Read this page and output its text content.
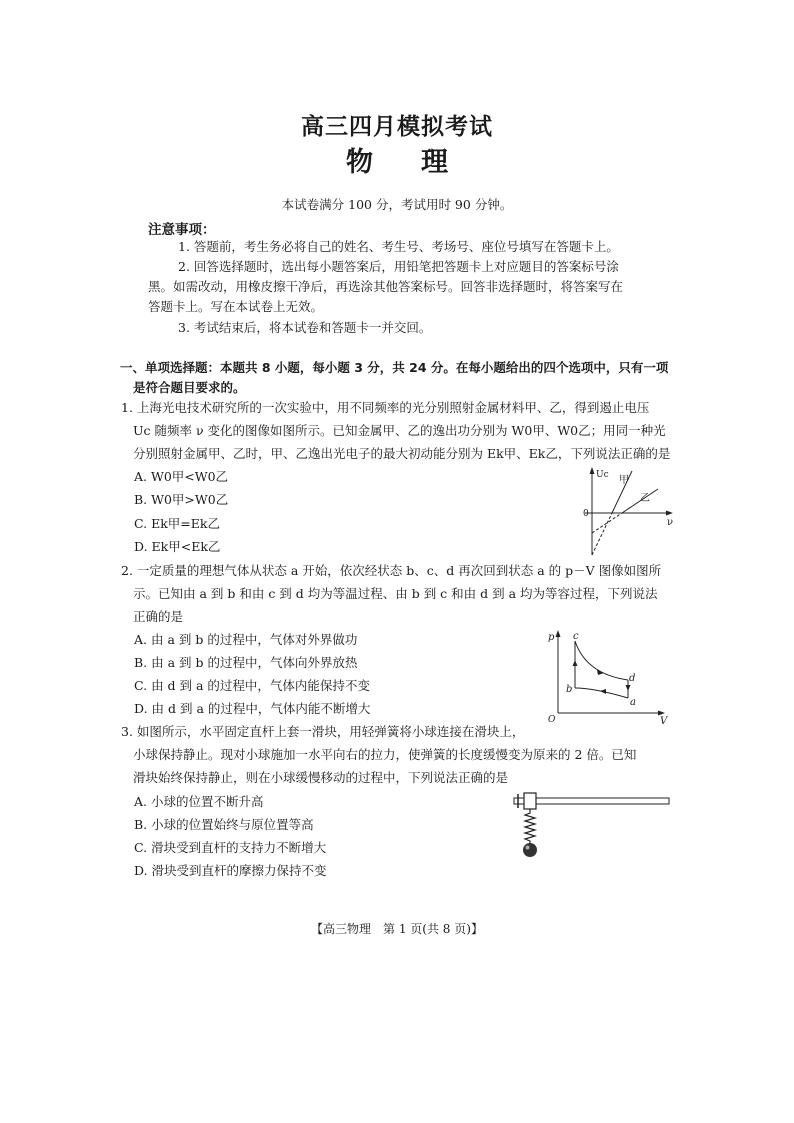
高三四月模拟考试
物 理
本试卷满分 100 分，考试用时 90 分钟。
注意事项：
1. 答题前，考生务必将自己的姓名、考生号、考场号、座位号填写在答题卡上。
2. 回答选择题时，选出每小题答案后，用铅笔把答题卡上对应题目的答案标号涂
黑。如需改动，用橡皮擦干净后，再选涂其他答案标号。回答非选择题时，将答案写在
答题卡上。写在本试卷上无效。
3. 考试结束后，将本试卷和答题卡一并交回。
一、单项选择题：本题共 8 小题，每小题 3 分，共 24 分。在每小题给出的四个选项中，只有一项
是符合题目要求的。
1. 上海光电技术研究所的一次实验中，用不同频率的光分别照射金属材料甲、乙，得到遏止电压
Uc 随频率 ν 变化的图像如图所示。已知金属甲、乙的逸出功分别为 W0甲、W0乙；用同一种光
分别照射金属甲、乙时，甲、乙逸出光电子的最大初动能分别为 Ek甲、Ek乙，下列说法正确的是
A. W0甲<W0乙
B. W0甲>W0乙
C. Ek甲=Ek乙
D. Ek甲<Ek乙
Uc
ν
0
甲
乙
2. 一定质量的理想气体从状态 a 开始，依次经状态 b、c、d 再次回到状态 a 的 p－V 图像如图所
示。已知由 a 到 b 和由 c 到 d 均为等温过程、由 b 到 c 和由 d 到 a 均为等容过程，下列说法
正确的是
A. 由 a 到 b 的过程中，气体对外界做功
B. 由 a 到 b 的过程中，气体向外界放热
C. 由 d 到 a 的过程中，气体内能保持不变
D. 由 d 到 a 的过程中，气体内能不断增大
p
V
O
a
b
c
d
3. 如图所示，水平固定直杆上套一滑块，用轻弹簧将小球连接在滑块上，
小球保持静止。现对小球施加一水平向右的拉力，使弹簧的长度缓慢变为原来的 2 倍。已知
滑块始终保持静止，则在小球缓慢移动的过程中，下列说法正确的是
A. 小球的位置不断升高
B. 小球的位置始终与原位置等高
C. 滑块受到直杆的支持力不断增大
D. 滑块受到直杆的摩擦力保持不变
【高三物理　第 1 页(共 8 页)】
